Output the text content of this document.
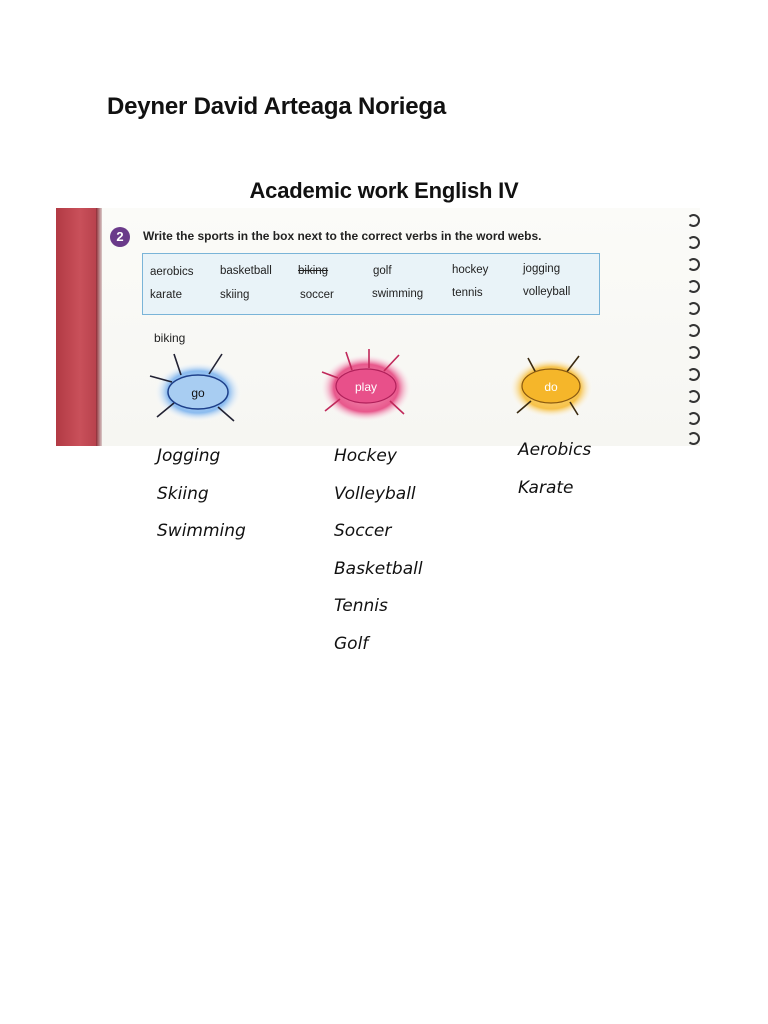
Deyner David Arteaga Noriega
Academic work English IV
2	Write the sports in the box next to the correct verbs in the word webs.
aerobics basketball biking	golf	hockey	jogging
karate	skiing	soccer	swimming	tennis	volleyball
biking
go	play	do
Jogging
Skiing
Swimming
Hockey
Volleyball
Soccer
Basketball
Tennis
Golf
Aerobics
Karate
